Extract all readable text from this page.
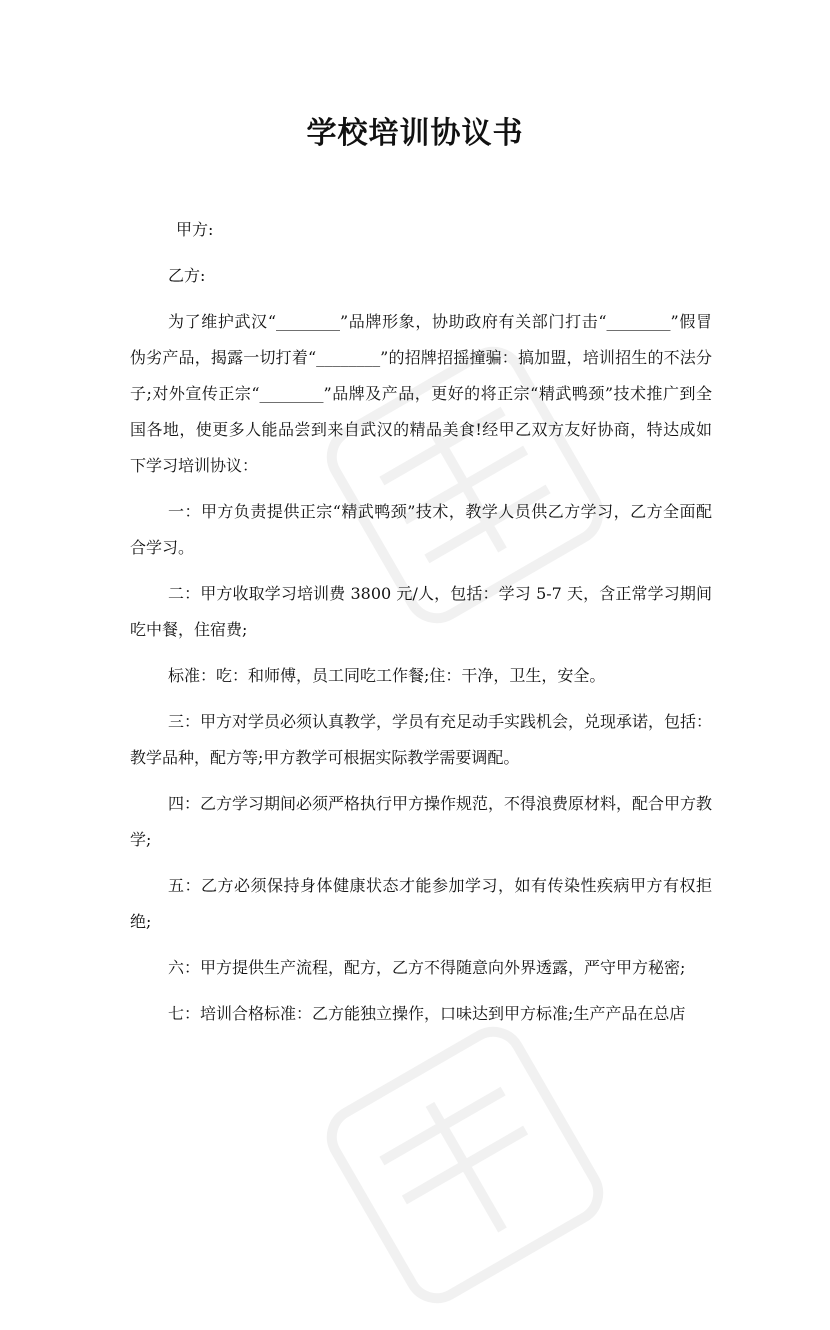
学校培训协议书

甲方:

乙方:

为了维护武汉“________”品牌形象，协助政府有关部门打击“________”假冒伪劣产品，揭露一切打着“________”的招牌招摇撞骗：搞加盟，培训招生的不法分子;对外宣传正宗“________”品牌及产品，更好的将正宗“精武鸭颈”技术推广到全国各地，使更多人能品尝到来自武汉的精品美食!经甲乙双方友好协商，特达成如下学习培训协议：

一：甲方负责提供正宗“精武鸭颈”技术，教学人员供乙方学习，乙方全面配合学习。

二：甲方收取学习培训费 3800 元/人，包括：学习 5-7 天，含正常学习期间吃中餐，住宿费;

标准：吃：和师傅，员工同吃工作餐;住：干净，卫生，安全。

三：甲方对学员必须认真教学，学员有充足动手实践机会，兑现承诺，包括：教学品种，配方等;甲方教学可根据实际教学需要调配。

四：乙方学习期间必须严格执行甲方操作规范，不得浪费原材料，配合甲方教学;

五：乙方必须保持身体健康状态才能参加学习，如有传染性疾病甲方有权拒绝;

六：甲方提供生产流程，配方，乙方不得随意向外界透露，严守甲方秘密;

七：培训合格标准：乙方能独立操作，口味达到甲方标准;生产产品在总店
